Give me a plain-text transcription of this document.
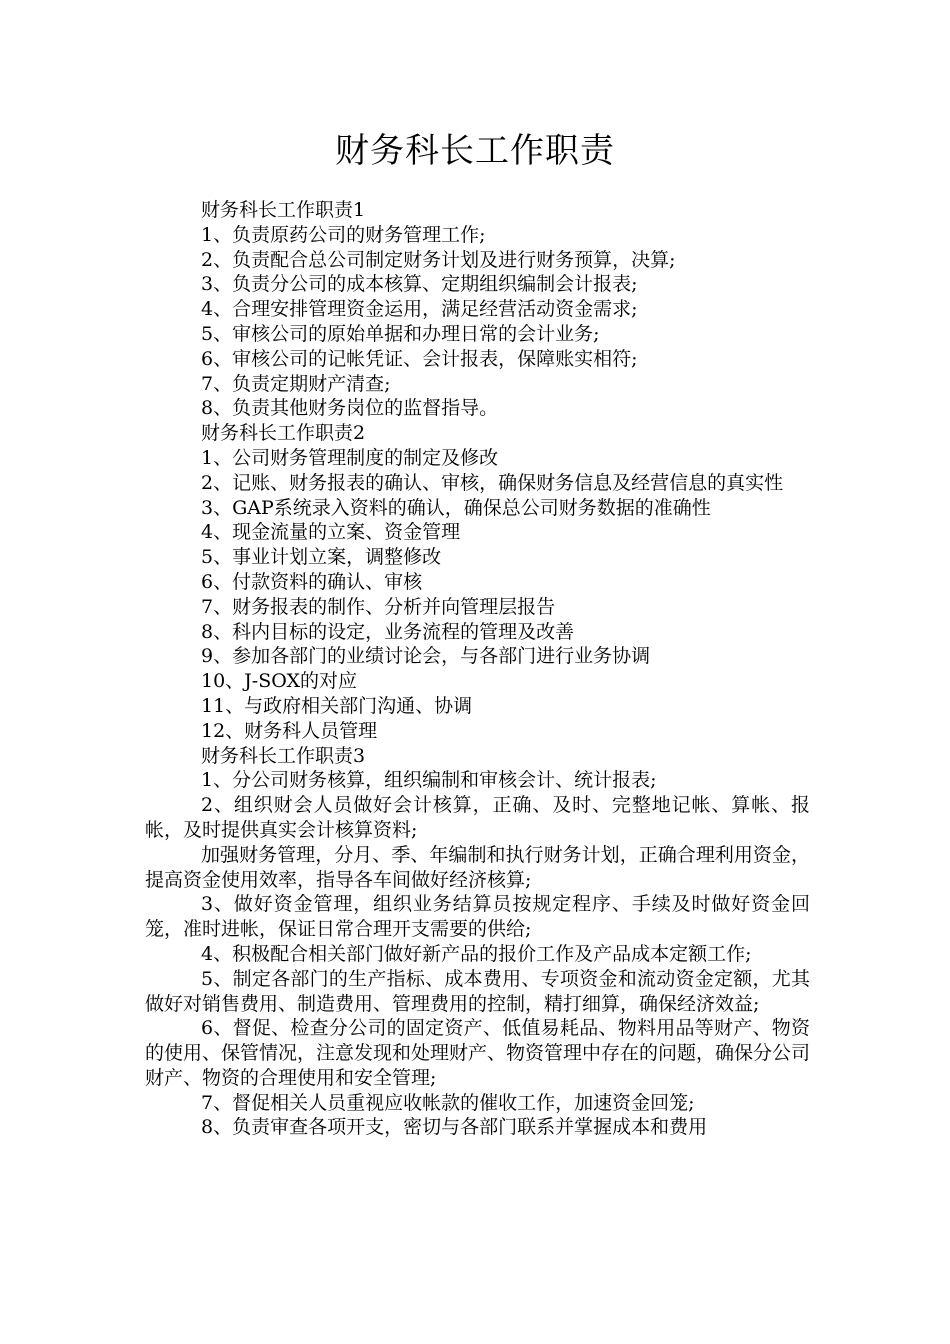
财务科长工作职责

财务科长工作职责1

1、负责原药公司的财务管理工作;

2、负责配合总公司制定财务计划及进行财务预算，决算;

3、负责分公司的成本核算、定期组织编制会计报表;

4、合理安排管理资金运用，满足经营活动资金需求;

5、审核公司的原始单据和办理日常的会计业务;

6、审核公司的记帐凭证、会计报表，保障账实相符;

7、负责定期财产清查;

8、负责其他财务岗位的监督指导。

财务科长工作职责2

1、公司财务管理制度的制定及修改

2、记账、财务报表的确认、审核，确保财务信息及经营信息的真实性

3、GAP系统录入资料的确认，确保总公司财务数据的准确性

4、现金流量的立案、资金管理

5、事业计划立案，调整修改

6、付款资料的确认、审核

7、财务报表的制作、分析并向管理层报告

8、科内目标的设定，业务流程的管理及改善

9、参加各部门的业绩讨论会，与各部门进行业务协调

10、J-SOX的对应

11、与政府相关部门沟通、协调

12、财务科人员管理

财务科长工作职责3

1、分公司财务核算，组织编制和审核会计、统计报表;

2、组织财会人员做好会计核算，正确、及时、完整地记帐、算帐、报帐，及时提供真实会计核算资料;

加强财务管理，分月、季、年编制和执行财务计划，正确合理利用资金，提高资金使用效率，指导各车间做好经济核算;

3、做好资金管理，组织业务结算员按规定程序、手续及时做好资金回笼，准时进帐，保证日常合理开支需要的供给;

4、积极配合相关部门做好新产品的报价工作及产品成本定额工作;

5、制定各部门的生产指标、成本费用、专项资金和流动资金定额，尤其做好对销售费用、制造费用、管理费用的控制，精打细算，确保经济效益;

6、督促、检查分公司的固定资产、低值易耗品、物料用品等财产、物资的使用、保管情况，注意发现和处理财产、物资管理中存在的问题，确保分公司财产、物资的合理使用和安全管理;

7、督促相关人员重视应收帐款的催收工作，加速资金回笼;

8、负责审查各项开支，密切与各部门联系并掌握成本和费用
